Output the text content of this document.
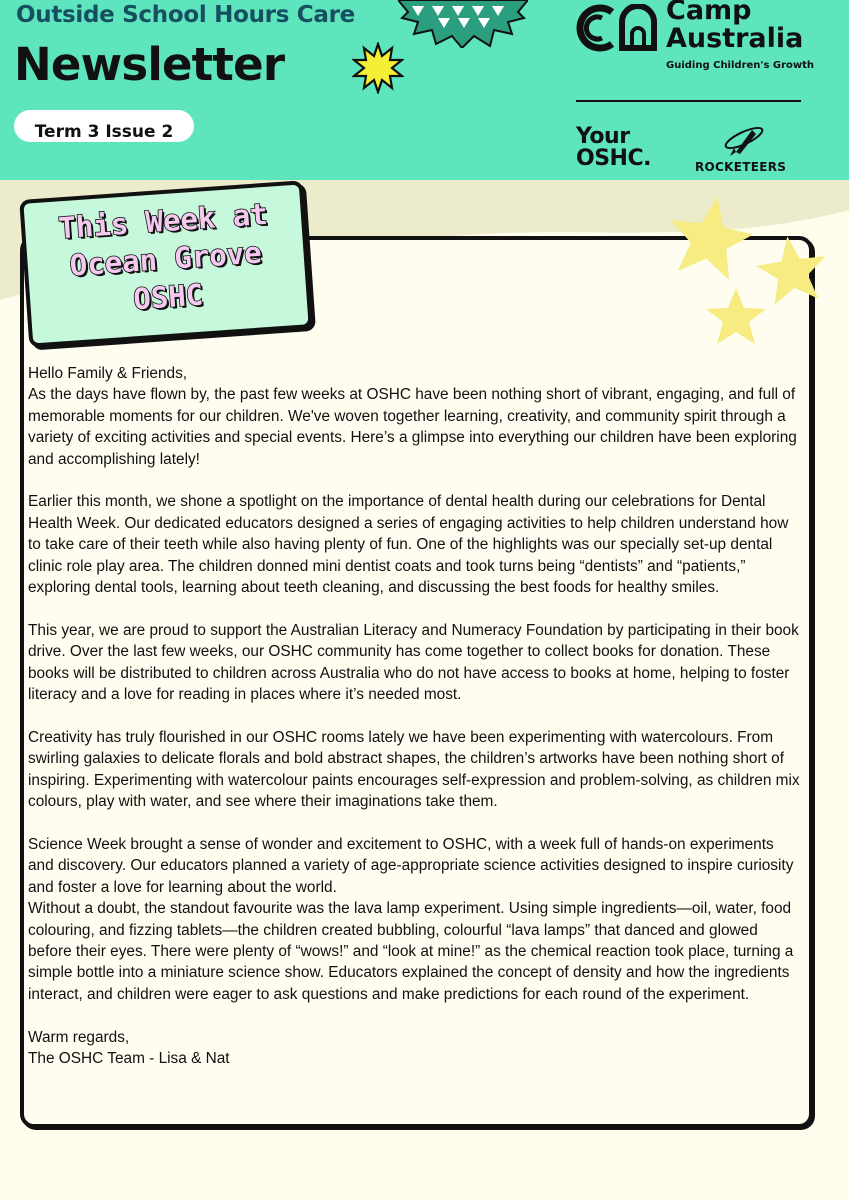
Outside School Hours Care
Newsletter
Term 3 Issue 2
Camp
Australia
Guiding Children's Growth
Your
OSHC.	ROCKETEERS
This Week at
Ocean Grove
OSHC

Hello Family & Friends,

As the days have flown by, the past few weeks at OSHC have been nothing short of vibrant, engaging, and full of memorable moments for our children. We've woven together learning, creativity, and community spirit through a variety of exciting activities and special events. Here’s a glimpse into everything our children have been exploring and accomplishing lately!

Earlier this month, we shone a spotlight on the importance of dental health during our celebrations for Dental Health Week. Our dedicated educators designed a series of engaging activities to help children understand how to take care of their teeth while also having plenty of fun. One of the highlights was our specially set-up dental clinic role play area. The children donned mini dentist coats and took turns being “dentists” and “patients,” exploring dental tools, learning about teeth cleaning, and discussing the best foods for healthy smiles.

This year, we are proud to support the Australian Literacy and Numeracy Foundation by participating in their book drive. Over the last few weeks, our OSHC community has come together to collect books for donation. These books will be distributed to children across Australia who do not have access to books at home, helping to foster literacy and a love for reading in places where it’s needed most.

Creativity has truly flourished in our OSHC rooms lately we have been experimenting with watercolours. From swirling galaxies to delicate florals and bold abstract shapes, the children’s artworks have been nothing short of inspiring. Experimenting with watercolour paints encourages self-expression and problem-solving, as children mix colours, play with water, and see where their imaginations take them.

Science Week brought a sense of wonder and excitement to OSHC, with a week full of hands-on experiments and discovery. Our educators planned a variety of age-appropriate science activities designed to inspire curiosity and foster a love for learning about the world.

Without a doubt, the standout favourite was the lava lamp experiment. Using simple ingredients—oil, water, food colouring, and fizzing tablets—the children created bubbling, colourful “lava lamps” that danced and glowed before their eyes. There were plenty of “wows!” and “look at mine!” as the chemical reaction took place, turning a simple bottle into a miniature science show. Educators explained the concept of density and how the ingredients interact, and children were eager to ask questions and make predictions for each round of the experiment.

Warm regards,

The OSHC Team - Lisa & Nat
